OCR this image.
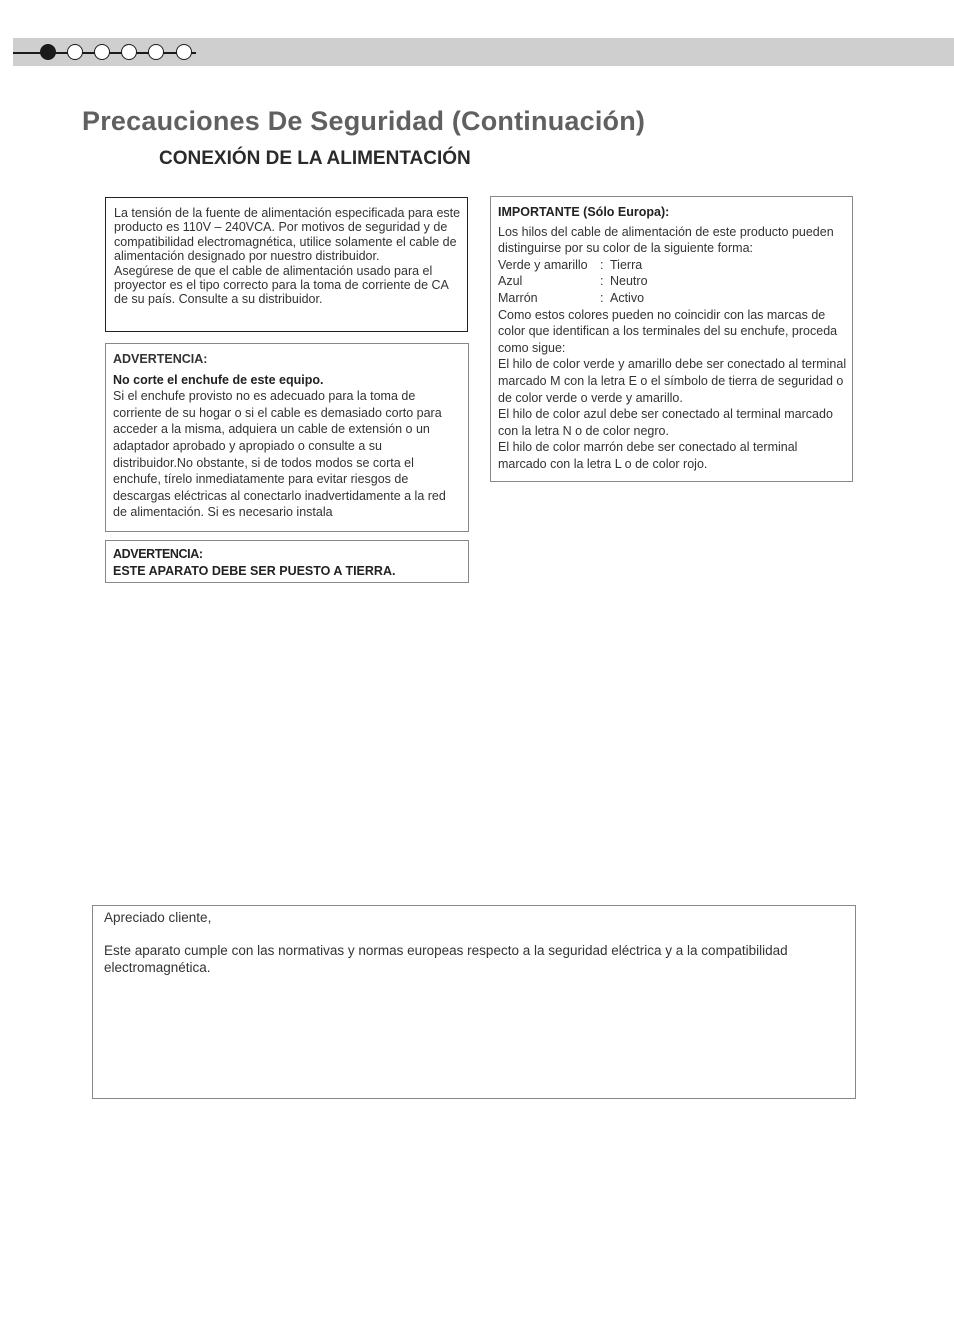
Precauciones De Seguridad (Continuación)
CONEXIÓN DE LA ALIMENTACIÓN

La tensión de la fuente de alimentación especificada para este producto es 110V – 240VCA. Por motivos de seguridad y de compatibilidad electromagnética, utilice solamente el cable de alimentación designado por nuestro distribuidor.

Asegúrese de que el cable de alimentación usado para el proyector es el tipo correcto para la toma de corriente de CA de su país. Consulte a su distribuidor.

ADVERTENCIA:

No corte el enchufe de este equipo.

Si el enchufe provisto no es adecuado para la toma de corriente de su hogar o si el cable es demasiado corto para acceder a la misma, adquiera un cable de extensión o un adaptador aprobado y apropiado o consulte a su distribuidor.No obstante, si de todos modos se corta el enchufe, tírelo inmediatamente para evitar riesgos de descargas eléctricas al conectarlo inadvertidamente a la red de alimentación. Si es necesario instala

ADVERTENCIA:

ESTE APARATO DEBE SER PUESTO A TIERRA.

IMPORTANTE (Sólo Europa):

Los hilos del cable de alimentación de este producto pueden distinguirse por su color de la siguiente forma:

Verde y amarillo : Tierra
Azul	: Neutro
Marrón	: Activo

Como estos colores pueden no coincidir con las marcas de color que identifican a los terminales del su enchufe, proceda como sigue:

El hilo de color verde y amarillo debe ser conectado al terminal marcado M con la letra E o el símbolo de tierra de seguridad o de color verde o verde y amarillo.

El hilo de color azul debe ser conectado al terminal marcado con la letra N o de color negro.

El hilo de color marrón debe ser conectado al terminal marcado con la letra L o de color rojo.

Apreciado cliente,

Este aparato cumple con las normativas y normas europeas respecto a la seguridad eléctrica y a la compatibilidad electromagnética.
